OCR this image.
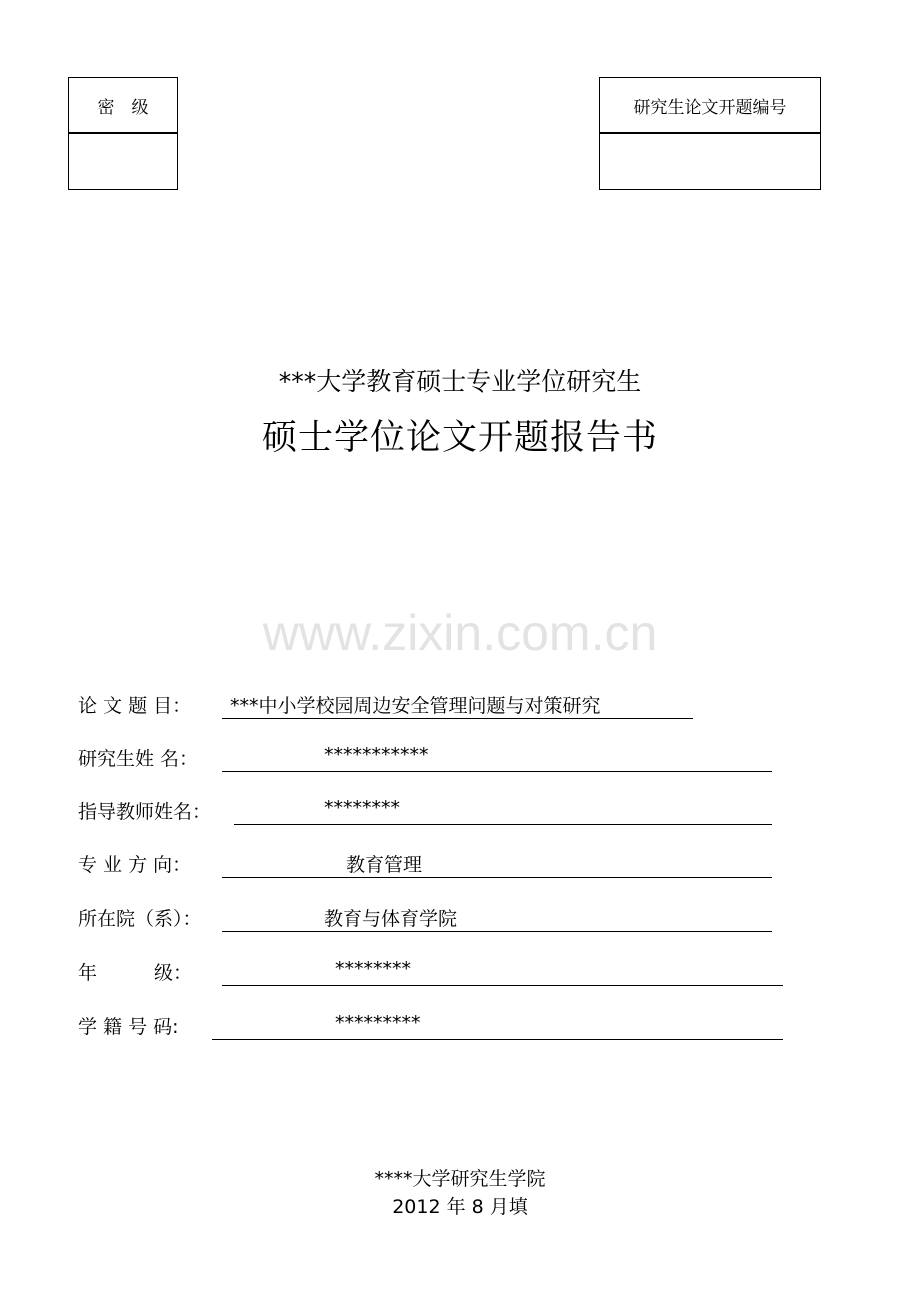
密　级	研究生论文开题编号
***大学教育硕士专业学位研究生
硕士学位论文开题报告书
www.zixin.com.cn
论 文 题 目： ***中小学校园周边安全管理问题与对策研究
研究生姓 名：	***********
指导教师姓名：	********
专 业 方 向：	教育管理
所在院（系）：	教育与体育学院
年　　　级：	********
学 籍 号 码:	*********
****大学研究生学院
2012 年 8 月填
